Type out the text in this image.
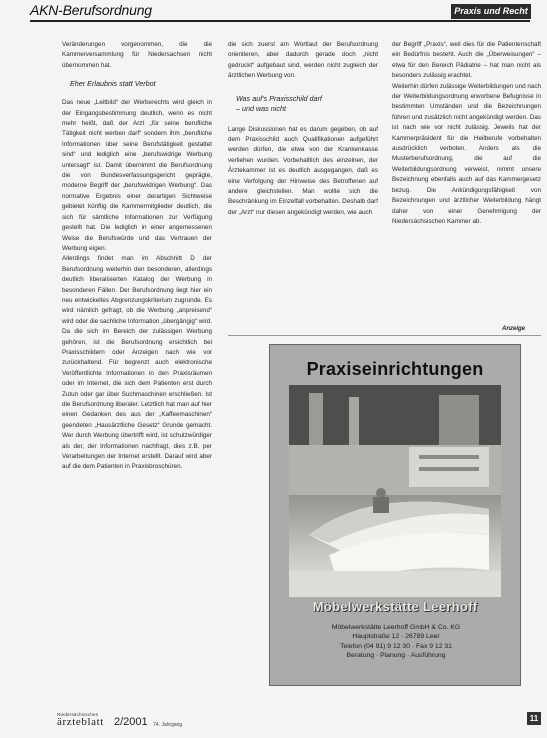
AKN-Berufsordnung	Praxis und Recht

Veränderungen vorgenommen, die die Kammerversammlung für Niedersachsen nicht übernommen hat.

Eher Erlaubnis statt Verbot

Das neue „Leitbild“ der Werberechts wird gleich in der Eingangsbestimmung deutlich, wenn es nicht mehr heißt, daß der Arzt „für seine berufliche Tätigkeit nicht werben darf“ sondern ihm „berufliche Informationen über seine Berufstätigkeit gestattet sind“ und lediglich eine „berufswidrige Werbung untersagt“ ist. Damit übernimmt die Berufsordnung die von Bundesverfassungsgericht geprägte, moderne Begriff der „berufswidrigen Werbung“. Das normative Ergebnis einer derartigen Sichtweise gebietet künftig die Kammermitglieder deutlich, die sich für sämtliche Informationen zur Verfügung gestellt hat. Die lediglich in einer angemessenen Weise die Berufswürde und das Vertrauen der Werbung eigen.

Allerdings findet man im Abschnitt D der Berufsordnung weiterhin den besonderen, allerdings deutlich liberalisierten Katalog der Werbung in besonderen Fällen. Der Berufsordnung liegt hier ein neu entwickeltes Abgrenzungskriterium zugrunde. Es wird nämlich gefragt, ob die Werbung „anpreisend“ wird oder die sachliche Information „übergängig“ wird. Da die sich im Bereich der zulässigen Werbung gehören, ist die Berufsordnung ersichtlich bei Praxisschildern oder Anzeigen nach wie vor zurückhaltend. Für begrenzt auch elektronische Veröffentlichte Informationen in den Praxisräumen oder im Internet, die sich dem Patienten erst durch Zutun oder gar über Suchmaschinen erschließen. Ist die Berufsordnung liberaler. Letztlich hat man auf hier einen Gedanken des aus der „Kaffeemaschinen“ geendeten „Hausärztliche Gesetz“ Grunde gemacht. Wer durch Werbung übertrifft wird, ist schutzwürdiger als der, der Informationen nachfragt, dies z.B. per Verarbeitungen der Internet erstellt. Darauf wird aber auf die dem Patienten in Praxisbroschüren.

die sich zuerst am Wortlaut der Berufsordnung orientieren, aber dadurch gerade doch „nicht gedruckt“ aufgebaut sind, werden nicht zugleich der ärztlichen Werbung von.

Was auf's Praxisschild darf
– und was nicht

Lange Diskussionen hat es darum gegeben, ob auf dem Praxisschild auch Qualifikationen aufgeführt werden dürfen, die etwa von der Krankenkasse verliehen wurden. Vorbehaltlich des einzelnen, der Ärztekammer ist es deutlich ausgegangen, daß es eine Verfolgung der Hinweise des Betroffenen auf andere gleichstellen. Man wollte sich die Beschränkung im Einzelfall vorbehalten. Deshalb darf der „Arzt“ nur diesen angekündigt werden, wie auch

der Begriff „Praxis“, weil dies für die Patientenschaft ein Bedürfnis besteht. Auch die „Überweisungen“ – etwa für den Bereich Pädiatrie – hat man nicht als besonders zulässig erachtet.

Weiterhin dürfen zulässige Weiterbildungen und nach der Weiterbildungsordnung erworbene Befugnisse in bestimmten Umständen und die Bezeichnungen führen und zusätzlich nicht angekündigt werden. Das ist nach wie vor nicht zulässig. Jeweils hat der Kammerpräsident für die Heilberufe vorbehalten ausdrücklich verboten. Anders als die Musterberufsordnung, die auf die Weiterbildungsordnung verweist, nimmt unsere Bezeichnung ebenfalls auch auf das Kammergesetz bezug. Die Ankündigungsfähigkeit von Bezeichnungen und ärztlicher Weiterbildung hängt daher von einer Genehmigung der Niedersächsischen Kammer ab.

Anzeige
Praxiseinrichtungen
Möbelwerkstätte Leerhoff
Möbelwerkstätte Leerhoff GmbH & Co. KG
Hauptstraße 12 · 26789 Leer
Telefon (04 91) 9 12 30 · Fax 9 12 31
Beratung · Planung · Ausführung
Niedersächsisches
ärzteblatt 2/2001 74. Jahrgang
11
